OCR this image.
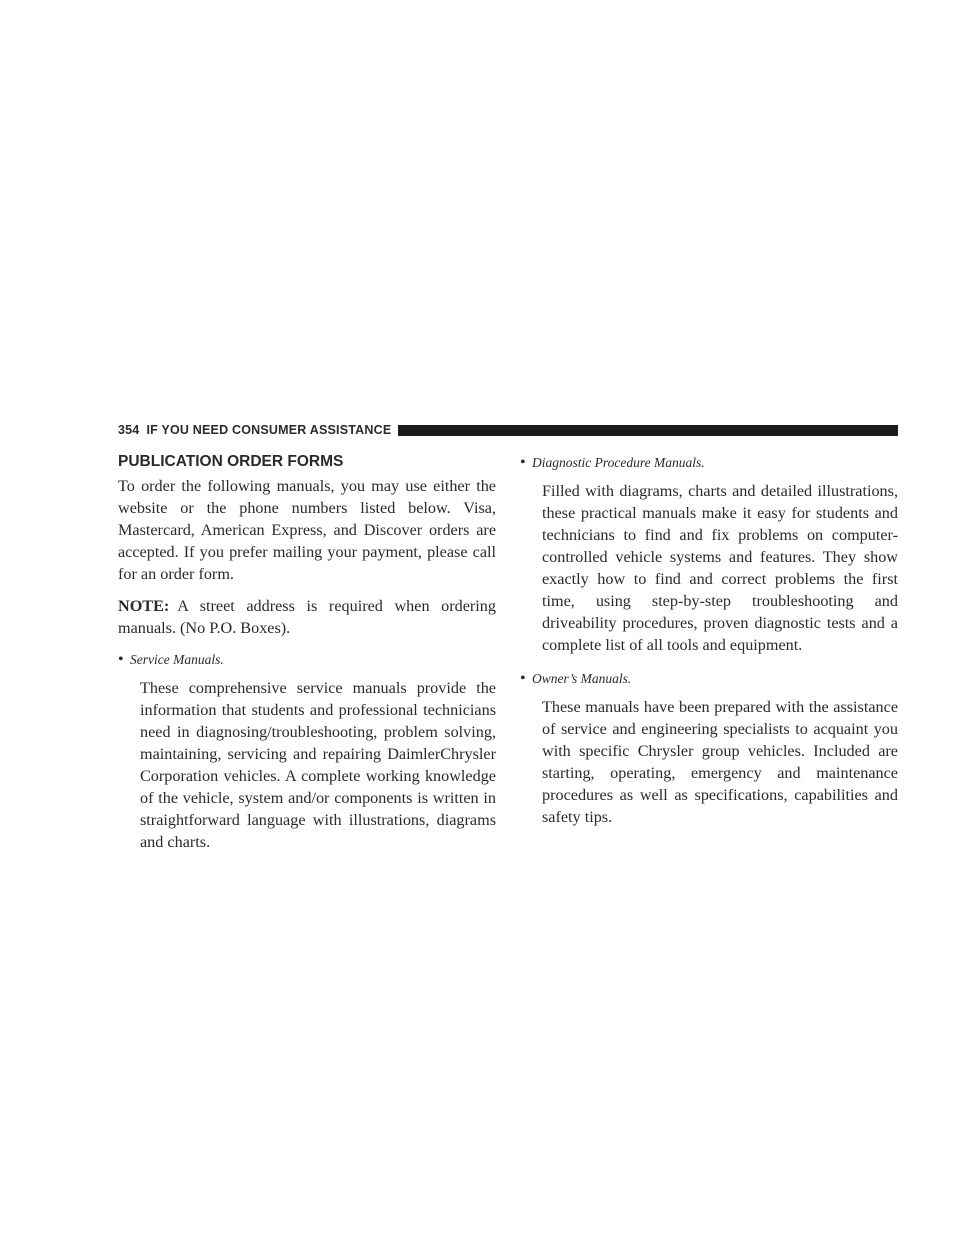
354 IF YOU NEED CONSUMER ASSISTANCE
PUBLICATION ORDER FORMS

To order the following manuals, you may use either the website or the phone numbers listed below. Visa, Mastercard, American Express, and Discover orders are accepted. If you prefer mailing your payment, please call for an order form.

NOTE: A street address is required when ordering manuals. (No P.O. Boxes).

• Service Manuals.

These comprehensive service manuals provide the information that students and professional technicians need in diagnosing/troubleshooting, problem solving, maintaining, servicing and repairing DaimlerChrysler Corporation vehicles. A complete working knowledge of the vehicle, system and/or components is written in straightforward language with illustrations, diagrams and charts.

• Diagnostic Procedure Manuals.

Filled with diagrams, charts and detailed illustrations, these practical manuals make it easy for students and technicians to find and fix problems on computer-controlled vehicle systems and features. They show exactly how to find and correct problems the first time, using step-by-step troubleshooting and driveability procedures, proven diagnostic tests and a complete list of all tools and equipment.

• Owner’s Manuals.

These manuals have been prepared with the assistance of service and engineering specialists to acquaint you with specific Chrysler group vehicles. Included are starting, operating, emergency and maintenance procedures as well as specifications, capabilities and safety tips.
